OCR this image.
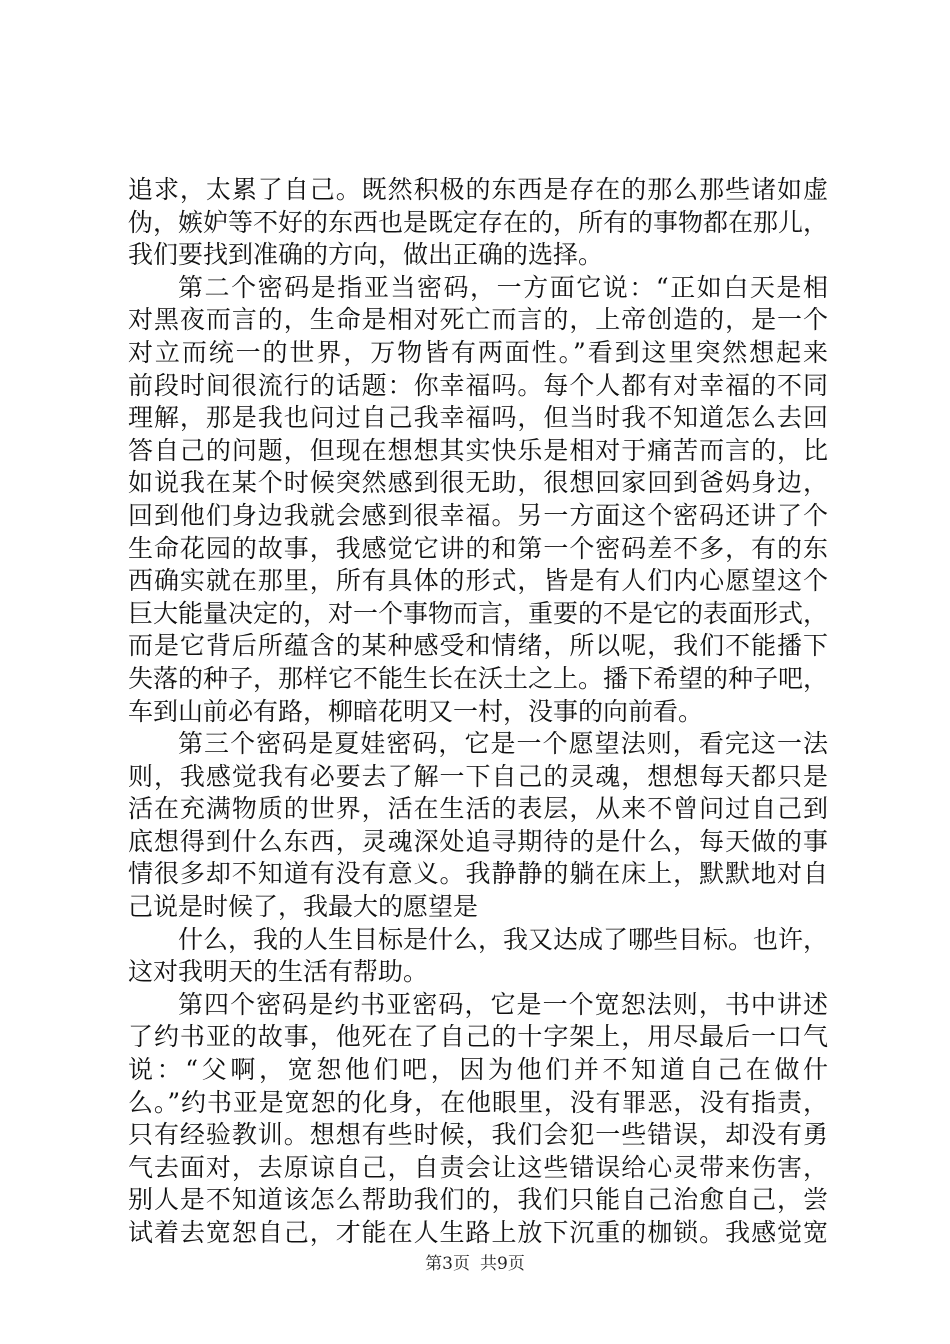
追求，太累了自己。既然积极的东西是存在的那么那些诸如虚
伪，嫉妒等不好的东西也是既定存在的，所有的事物都在那儿，
我们要找到准确的方向，做出正确的选择。
第二个密码是指亚当密码，一方面它说：“正如白天是相
对黑夜而言的，生命是相对死亡而言的，上帝创造的，是一个
对立而统一的世界，万物皆有两面性。”看到这里突然想起来
前段时间很流行的话题：你幸福吗。每个人都有对幸福的不同
理解，那是我也问过自己我幸福吗，但当时我不知道怎么去回
答自己的问题，但现在想想其实快乐是相对于痛苦而言的，比
如说我在某个时候突然感到很无助，很想回家回到爸妈身边，
回到他们身边我就会感到很幸福。另一方面这个密码还讲了个
生命花园的故事，我感觉它讲的和第一个密码差不多，有的东
西确实就在那里，所有具体的形式，皆是有人们内心愿望这个
巨大能量决定的，对一个事物而言，重要的不是它的表面形式，
而是它背后所蕴含的某种感受和情绪，所以呢，我们不能播下
失落的种子，那样它不能生长在沃土之上。播下希望的种子吧，
车到山前必有路，柳暗花明又一村，没事的向前看。
第三个密码是夏娃密码，它是一个愿望法则，看完这一法
则，我感觉我有必要去了解一下自己的灵魂，想想每天都只是
活在充满物质的世界，活在生活的表层，从来不曾问过自己到
底想得到什么东西，灵魂深处追寻期待的是什么，每天做的事
情很多却不知道有没有意义。我静静的躺在床上，默默地对自
己说是时候了，我最大的愿望是
什么，我的人生目标是什么，我又达成了哪些目标。也许，
这对我明天的生活有帮助。
第四个密码是约书亚密码，它是一个宽恕法则，书中讲述
了约书亚的故事，他死在了自己的十字架上，用尽最后一口气
说：“父啊，宽恕他们吧，因为他们并不知道自己在做什
么。”约书亚是宽恕的化身，在他眼里，没有罪恶，没有指责，
只有经验教训。想想有些时候，我们会犯一些错误，却没有勇
气去面对，去原谅自己，自责会让这些错误给心灵带来伤害，
别人是不知道该怎么帮助我们的，我们只能自己治愈自己，尝
试着去宽恕自己，才能在人生路上放下沉重的枷锁。我感觉宽
第3页 共9页
